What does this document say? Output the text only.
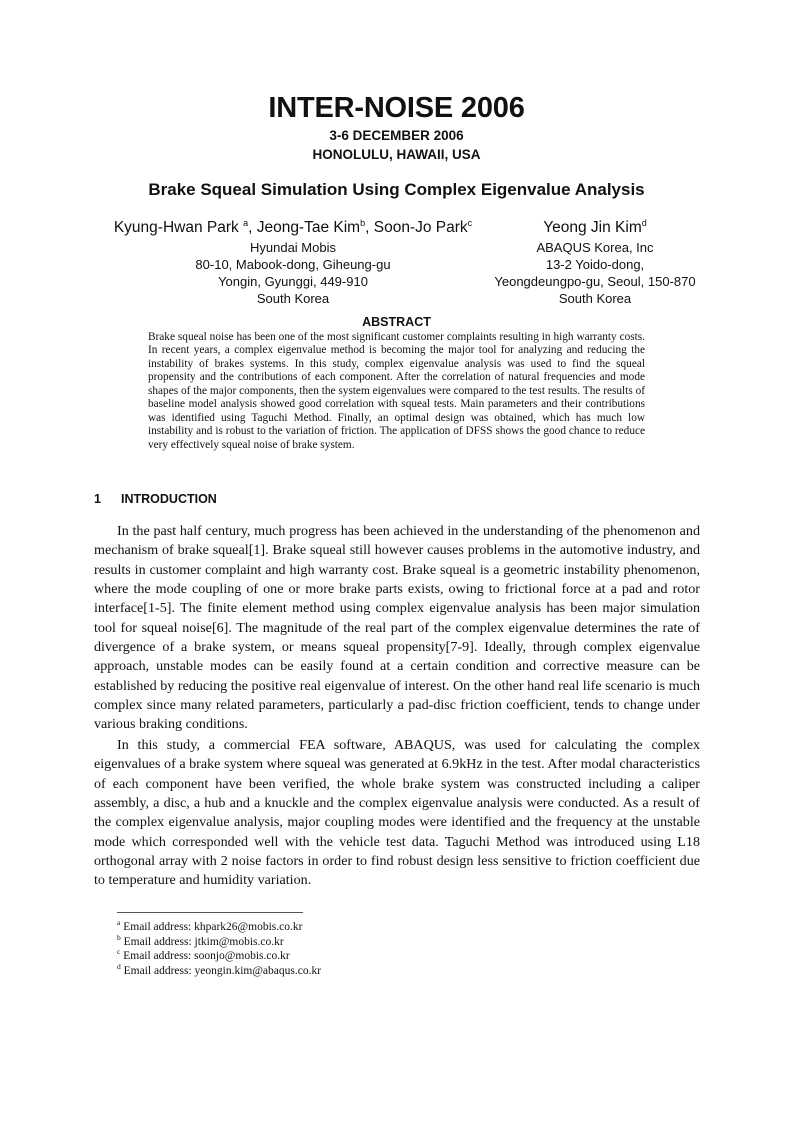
INTER-NOISE 2006
3-6 DECEMBER 2006
HONOLULU, HAWAII, USA
Brake Squeal Simulation Using Complex Eigenvalue Analysis
Kyung-Hwan Park $^a$, Jeong-Tae Kim$^b$, Soon-Jo Park$^c$
Hyundai Mobis
80-10, Mabook-dong, Giheung-gu
Yongin, Gyunggi, 449-910
South Korea
Yeong Jin Kim$^d$
ABAQUS Korea, Inc
13-2 Yoido-dong,
Yeongdeungpo-gu, Seoul, 150-870
South Korea
ABSTRACT
Brake squeal noise has been one of the most significant customer complaints resulting in high warranty costs. In recent years, a complex eigenvalue method is becoming the major tool for analyzing and reducing the instability of brakes systems. In this study, complex eigenvalue analysis was used to find the squeal propensity and the contributions of each component. After the correlation of natural frequencies and mode shapes of the major components, then the system eigenvalues were compared to the test results. The results of baseline model analysis showed good correlation with squeal tests. Main parameters and their contributions was identified using Taguchi Method. Finally, an optimal design was obtained, which has much low instability and is robust to the variation of friction. The application of DFSS shows the good chance to reduce very effectively squeal noise of brake system.
1 INTRODUCTION
In the past half century, much progress has been achieved in the understanding of the phenomenon and mechanism of brake squeal[1]. Brake squeal still however causes problems in the automotive industry, and results in customer complaint and high warranty cost. Brake squeal is a geometric instability phenomenon, where the mode coupling of one or more brake parts exists, owing to frictional force at a pad and rotor interface[1-5]. The finite element method using complex eigenvalue analysis has been major simulation tool for squeal noise[6]. The magnitude of the real part of the complex eigenvalue determines the rate of divergence of a brake system, or means squeal propensity[7-9]. Ideally, through complex eigenvalue approach, unstable modes can be easily found at a certain condition and corrective measure can be established by reducing the positive real eigenvalue of interest. On the other hand real life scenario is much complex since many related parameters, particularly a pad-disc friction coefficient, tends to change under various braking conditions.
In this study, a commercial FEA software, ABAQUS, was used for calculating the complex eigenvalues of a brake system where squeal was generated at 6.9kHz in the test. After modal characteristics of each component have been verified, the whole brake system was constructed including a caliper assembly, a disc, a hub and a knuckle and the complex eigenvalue analysis were conducted. As a result of the complex eigenvalue analysis, major coupling modes were identified and the frequency at the unstable mode which corresponded well with the vehicle test data. Taguchi Method was introduced using L18 orthogonal array with 2 noise factors in order to find robust design less sensitive to friction coefficient due to temperature and humidity variation.
$^a$ Email address: khpark26@mobis.co.kr
$^b$ Email address: jtkim@mobis.co.kr
$^c$ Email address: soonjo@mobis.co.kr
$^d$ Email address: yeongin.kim@abaqus.co.kr
